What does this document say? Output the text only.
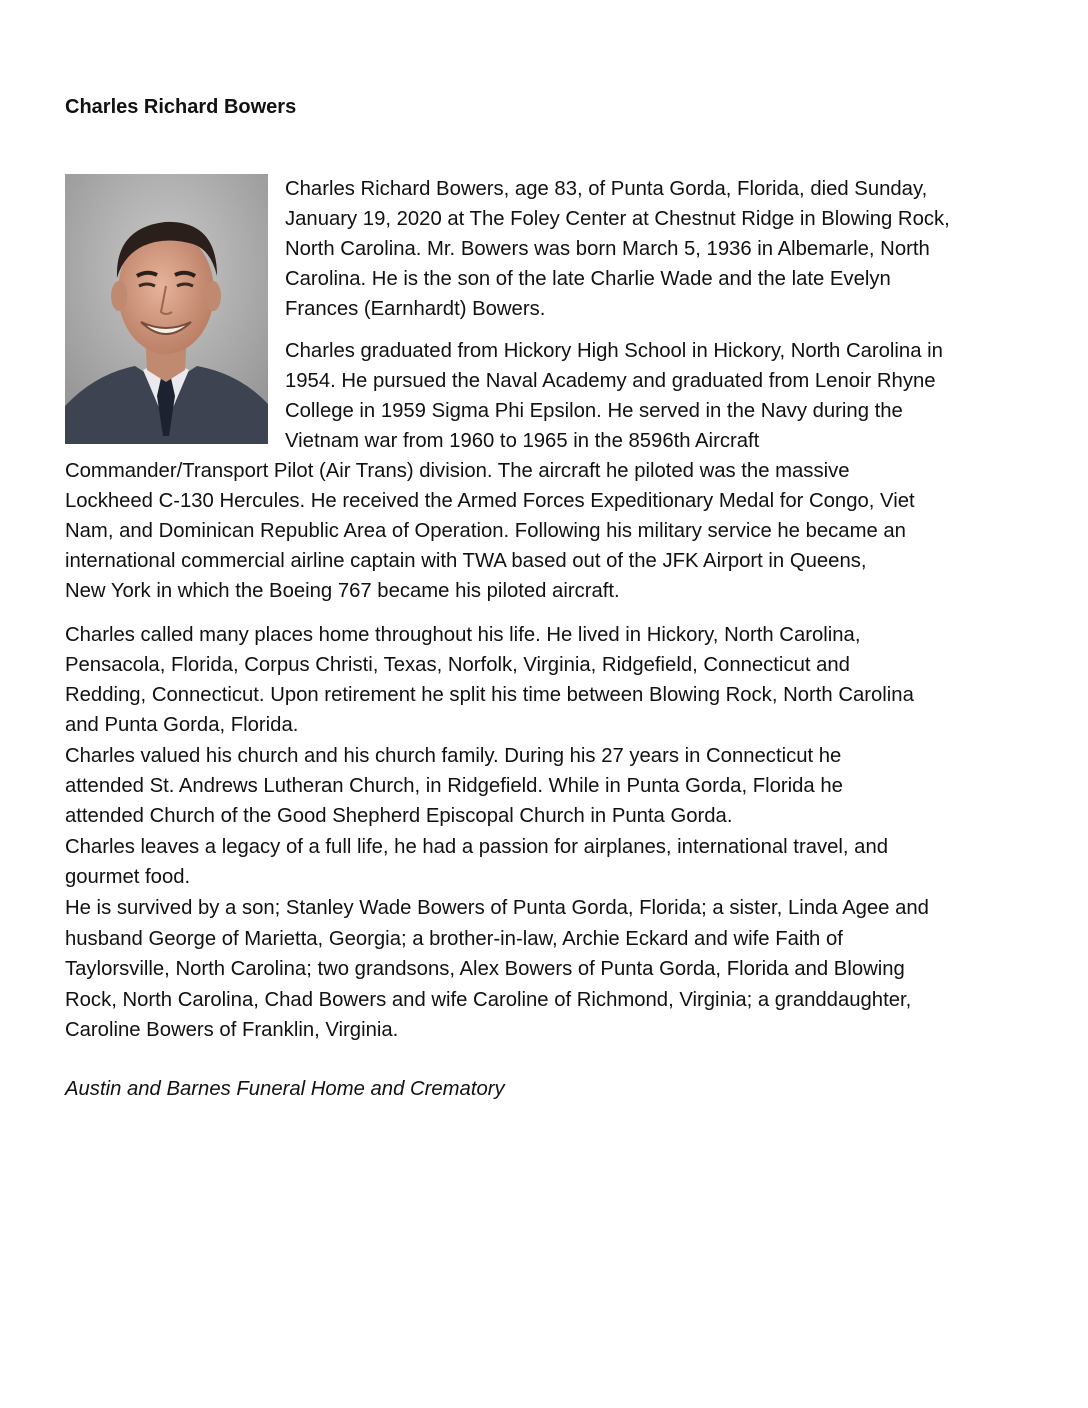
Charles Richard Bowers
Charles Richard Bowers, age 83, of Punta Gorda, Florida, died Sunday,
January 19, 2020 at The Foley Center at Chestnut Ridge in Blowing Rock,
North Carolina. Mr. Bowers was born March 5, 1936 in Albemarle, North
Carolina. He is the son of the late Charlie Wade and the late Evelyn
Frances (Earnhardt) Bowers.
Charles graduated from Hickory High School in Hickory, North Carolina in
1954. He pursued the Naval Academy and graduated from Lenoir Rhyne
College in 1959 Sigma Phi Epsilon. He served in the Navy during the
Vietnam war from 1960 to 1965 in the 8596th Aircraft
Commander/Transport Pilot (Air Trans) division. The aircraft he piloted was the massive
Lockheed C-130 Hercules. He received the Armed Forces Expeditionary Medal for Congo, Viet
Nam, and Dominican Republic Area of Operation. Following his military service he became an
international commercial airline captain with TWA based out of the JFK Airport in Queens,
New York in which the Boeing 767 became his piloted aircraft.
Charles called many places home throughout his life. He lived in Hickory, North Carolina,
Pensacola, Florida, Corpus Christi, Texas, Norfolk, Virginia, Ridgefield, Connecticut and
Redding, Connecticut. Upon retirement he split his time between Blowing Rock, North Carolina
and Punta Gorda, Florida.
Charles valued his church and his church family. During his 27 years in Connecticut he
attended St. Andrews Lutheran Church, in Ridgefield. While in Punta Gorda, Florida he
attended Church of the Good Shepherd Episcopal Church in Punta Gorda.
Charles leaves a legacy of a full life, he had a passion for airplanes, international travel, and
gourmet food.
He is survived by a son; Stanley Wade Bowers of Punta Gorda, Florida; a sister, Linda Agee and
husband George of Marietta, Georgia; a brother-in-law, Archie Eckard and wife Faith of
Taylorsville, North Carolina; two grandsons, Alex Bowers of Punta Gorda, Florida and Blowing
Rock, North Carolina, Chad Bowers and wife Caroline of Richmond, Virginia; a granddaughter,
Caroline Bowers of Franklin, Virginia.
Austin and Barnes Funeral Home and Crematory
